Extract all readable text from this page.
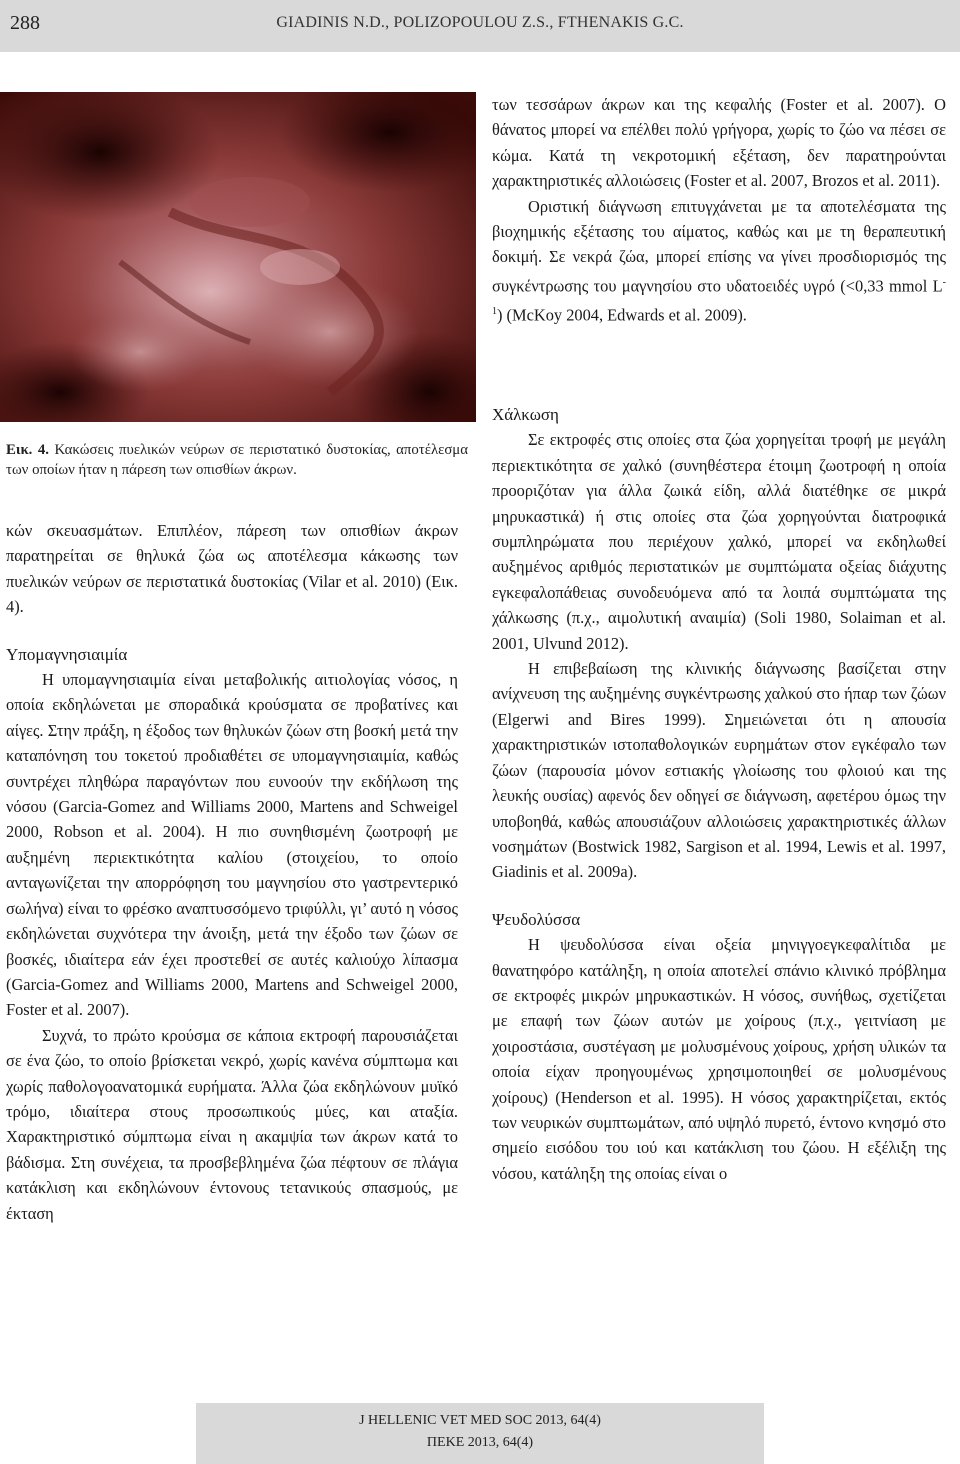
288	GIADINIS N.D., POLIZOPOULOU Z.S., FTHENAKIS G.C.
Εικ. 4. Κακώσεις πυελικών νεύρων σε περιστατικό δυστοκίας, αποτέλεσμα των οποίων ήταν η πάρεση των οπισθίων άκρων.

κών σκευασμάτων. Επιπλέον, πάρεση των οπισθίων άκρων παρατηρείται σε θηλυκά ζώα ως αποτέλεσμα κάκωσης των πυελικών νεύρων σε περιστατικά δυστοκίας (Vilar et al. 2010) (Εικ. 4).

Υπομαγνησιαιμία

Η υπομαγνησιαιμία είναι μεταβολικής αιτιολογίας νόσος, η οποία εκδηλώνεται με σποραδικά κρούσματα σε προβατίνες και αίγες. Στην πράξη, η έξοδος των θηλυκών ζώων στη βοσκή μετά την καταπόνηση του τοκετού προδιαθέτει σε υπομαγνησιαιμία, καθώς συντρέχει πληθώρα παραγόντων που ευνοούν την εκδήλωση της νόσου (Garcia-Gomez and Williams 2000, Martens and Schweigel 2000, Robson et al. 2004). Η πιο συνηθισμένη ζωοτροφή με αυξημένη περιεκτικότητα καλίου (στοιχείου, το οποίο ανταγωνίζεται την απορρόφηση του μαγνησίου στο γαστρεντερικό σωλήνα) είναι το φρέσκο αναπτυσσόμενο τριφύλλι, γι’ αυτό η νόσος εκδηλώνεται συχνότερα την άνοιξη, μετά την έξοδο των ζώων σε βοσκές, ιδιαίτερα εάν έχει προστεθεί σε αυτές καλιούχο λίπασμα (Garcia-Gomez and Williams 2000, Martens and Schweigel 2000, Foster et al. 2007).

Συχνά, το πρώτο κρούσμα σε κάποια εκτροφή παρουσιάζεται σε ένα ζώο, το οποίο βρίσκεται νεκρό, χωρίς κανένα σύμπτωμα και χωρίς παθολογοανατομικά ευρήματα. Άλλα ζώα εκδηλώνουν μυϊκό τρόμο, ιδιαίτερα στους προσωπικούς μύες, και αταξία. Χαρακτηριστικό σύμπτωμα είναι η ακαμψία των άκρων κατά το βάδισμα. Στη συνέχεια, τα προσβεβλημένα ζώα πέφτουν σε πλάγια κατάκλιση και εκδηλώνουν έντονους τετανικούς σπασμούς, με έκταση

των τεσσάρων άκρων και της κεφαλής (Foster et al. 2007). Ο θάνατος μπορεί να επέλθει πολύ γρήγορα, χωρίς το ζώο να πέσει σε κώμα. Κατά τη νεκροτομική εξέταση, δεν παρατηρούνται χαρακτηριστικές αλλοιώσεις (Foster et al. 2007, Brozos et al. 2011).

Οριστική διάγνωση επιτυγχάνεται με τα αποτελέσματα της βιοχημικής εξέτασης του αίματος, καθώς και με τη θεραπευτική δοκιμή. Σε νεκρά ζώα, μπορεί επίσης να γίνει προσδιορισμός της συγκέντρωσης του μαγνησίου στο υδατοειδές υγρό (<0,33 mmol $L^{-1}$) (McKoy 2004, Edwards et al. 2009).

Χάλκωση

Σε εκτροφές στις οποίες στα ζώα χορηγείται τροφή με μεγάλη περιεκτικότητα σε χαλκό (συνηθέστερα έτοιμη ζωοτροφή η οποία προοριζόταν για άλλα ζωικά είδη, αλλά διατέθηκε σε μικρά μηρυκαστικά) ή στις οποίες στα ζώα χορηγούνται διατροφικά συμπληρώματα που περιέχουν χαλκό, μπορεί να εκδηλωθεί αυξημένος αριθμός περιστατικών με συμπτώματα οξείας διάχυτης εγκεφαλοπάθειας συνοδευόμενα από τα λοιπά συμπτώματα της χάλκωσης (π.χ., αιμολυτική αναιμία) (Soli 1980, Solaiman et al. 2001, Ulvund 2012).

Η επιβεβαίωση της κλινικής διάγνωσης βασίζεται στην ανίχνευση της αυξημένης συγκέντρωσης χαλκού στο ήπαρ των ζώων (Elgerwi and Bires 1999). Σημειώνεται ότι η απουσία χαρακτηριστικών ιστοπαθολογικών ευρημάτων στον εγκέφαλο των ζώων (παρουσία μόνον εστιακής γλοίωσης του φλοιού και της λευκής ουσίας) αφενός δεν οδηγεί σε διάγνωση, αφετέρου όμως την υποβοηθά, καθώς απουσιάζουν αλλοιώσεις χαρακτηριστικές άλλων νοσημάτων (Bostwick 1982, Sargison et al. 1994, Lewis et al. 1997, Giadinis et al. 2009a).

Ψευδολύσσα

Η ψευδολύσσα είναι οξεία μηνιγγοεγκεφαλίτιδα με θανατηφόρο κατάληξη, η οποία αποτελεί σπάνιο κλινικό πρόβλημα σε εκτροφές μικρών μηρυκαστικών. Η νόσος, συνήθως, σχετίζεται με επαφή των ζώων αυτών με χοίρους (π.χ., γειτνίαση με χοιροστάσια, συστέγαση με μολυσμένους χοίρους, χρήση υλικών τα οποία είχαν προηγουμένως χρησιμοποιηθεί σε μολυσμένους χοίρους) (Henderson et al. 1995). Η νόσος χαρακτηρίζεται, εκτός των νευρικών συμπτωμάτων, από υψηλό πυρετό, έντονο κνησμό στο σημείο εισόδου του ιού και κατάκλιση του ζώου. Η εξέλιξη της νόσου, κατάληξη της οποίας είναι ο

J HELLENIC VET MED SOC 2013, 64(4)
ΠΕΚΕ 2013, 64(4)
